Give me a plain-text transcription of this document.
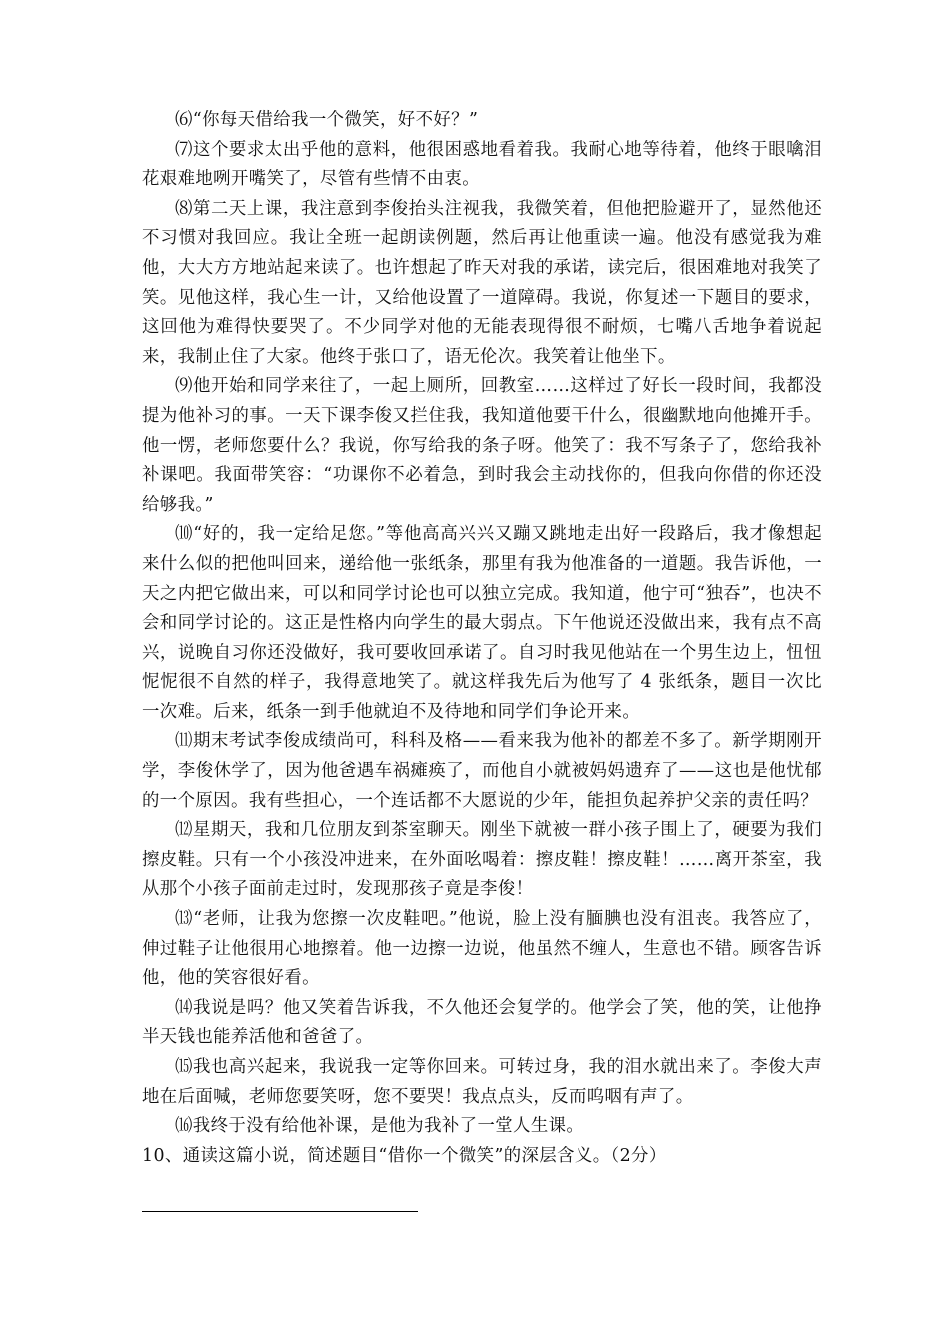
⑹“你每天借给我一个微笑，好不好？”

⑺这个要求太出乎他的意料，他很困惑地看着我。我耐心地等待着，他终于眼噙泪花艰难地咧开嘴笑了，尽管有些情不由衷。

⑻第二天上课，我注意到李俊抬头注视我，我微笑着，但他把脸避开了，显然他还不习惯对我回应。我让全班一起朗读例题，然后再让他重读一遍。他没有感觉我为难他，大大方方地站起来读了。也许想起了昨天对我的承诺，读完后，很困难地对我笑了笑。见他这样，我心生一计，又给他设置了一道障碍。我说，你复述一下题目的要求，这回他为难得快要哭了。不少同学对他的无能表现得很不耐烦，七嘴八舌地争着说起来，我制止住了大家。他终于张口了，语无伦次。我笑着让他坐下。

⑼他开始和同学来往了，一起上厕所，回教室……这样过了好长一段时间，我都没提为他补习的事。一天下课李俊又拦住我，我知道他要干什么，很幽默地向他摊开手。他一愣，老师您要什么？我说，你写给我的条子呀。他笑了：我不写条子了，您给我补补课吧。我面带笑容：“功课你不必着急，到时我会主动找你的，但我向你借的你还没给够我。”

⑽“好的，我一定给足您。”等他高高兴兴又蹦又跳地走出好一段路后，我才像想起来什么似的把他叫回来，递给他一张纸条，那里有我为他准备的一道题。我告诉他，一天之内把它做出来，可以和同学讨论也可以独立完成。我知道，他宁可“独吞”，也决不会和同学讨论的。这正是性格内向学生的最大弱点。下午他说还没做出来，我有点不高兴，说晚自习你还没做好，我可要收回承诺了。自习时我见他站在一个男生边上，忸忸怩怩很不自然的样子，我得意地笑了。就这样我先后为他写了 4 张纸条，题目一次比一次难。后来，纸条一到手他就迫不及待地和同学们争论开来。

⑾期末考试李俊成绩尚可，科科及格——看来我为他补的都差不多了。新学期刚开学，李俊休学了，因为他爸遇车祸瘫痪了，而他自小就被妈妈遗弃了——这也是他忧郁的一个原因。我有些担心，一个连话都不大愿说的少年，能担负起养护父亲的责任吗？

⑿星期天，我和几位朋友到茶室聊天。刚坐下就被一群小孩子围上了，硬要为我们擦皮鞋。只有一个小孩没冲进来，在外面吆喝着：擦皮鞋！擦皮鞋！……离开茶室，我从那个小孩子面前走过时，发现那孩子竟是李俊！

⒀“老师，让我为您擦一次皮鞋吧。”他说，脸上没有腼腆也没有沮丧。我答应了，伸过鞋子让他很用心地擦着。他一边擦一边说，他虽然不缠人，生意也不错。顾客告诉他，他的笑容很好看。

⒁我说是吗？他又笑着告诉我，不久他还会复学的。他学会了笑，他的笑，让他挣半天钱也能养活他和爸爸了。

⒂我也高兴起来，我说我一定等你回来。可转过身，我的泪水就出来了。李俊大声地在后面喊，老师您要笑呀，您不要哭！我点点头，反而呜咽有声了。

⒃我终于没有给他补课，是他为我补了一堂人生课。

10、通读这篇小说，简述题目“借你一个微笑”的深层含义。（2分）
